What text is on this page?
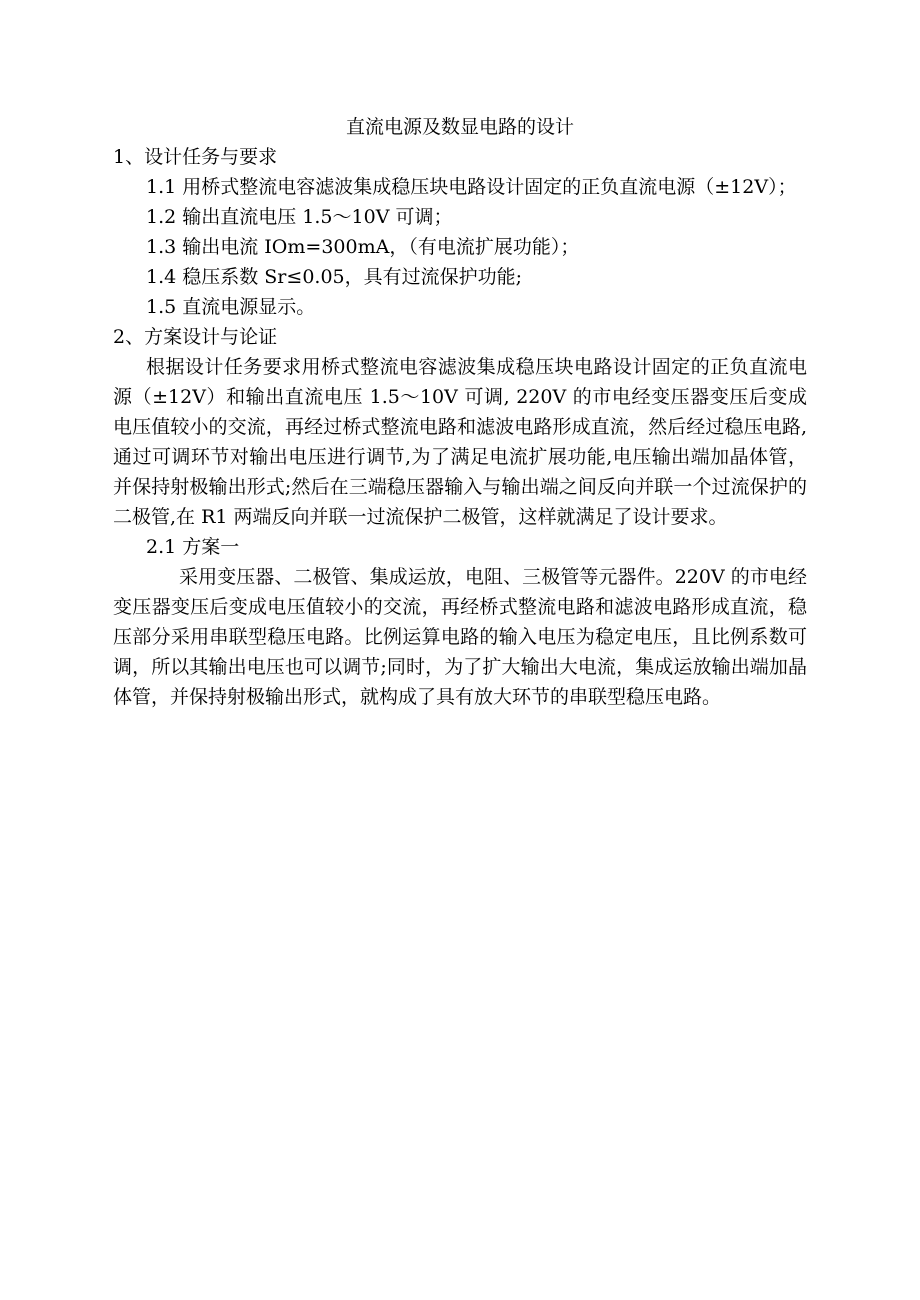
直流电源及数显电路的设计

1、设计任务与要求

1.1 用桥式整流电容滤波集成稳压块电路设计固定的正负直流电源（±12V）；

1.2 输出直流电压 1.5～10V 可调；

1.3 输出电流 IOm=300mA，（有电流扩展功能）；

1.4 稳压系数 Sr≤0.05，具有过流保护功能;

1.5 直流电源显示。

2、方案设计与论证

根据设计任务要求用桥式整流电容滤波集成稳压块电路设计固定的正负直流电源（±12V）和输出直流电压 1.5～10V 可调, 220V 的市电经变压器变压后变成电压值较小的交流，再经过桥式整流电路和滤波电路形成直流，然后经过稳压电路,通过可调环节对输出电压进行调节,为了满足电流扩展功能,电压输出端加晶体管，并保持射极输出形式;然后在三端稳压器输入与输出端之间反向并联一个过流保护的二极管,在 R1 两端反向并联一过流保护二极管，这样就满足了设计要求。

2.1 方案一

采用变压器、二极管、集成运放，电阻、三极管等元器件。220V 的市电经变压器变压后变成电压值较小的交流，再经桥式整流电路和滤波电路形成直流，稳压部分采用串联型稳压电路。比例运算电路的输入电压为稳定电压，且比例系数可调，所以其输出电压也可以调节;同时，为了扩大输出大电流，集成运放输出端加晶体管，并保持射极输出形式，就构成了具有放大环节的串联型稳压电路。
